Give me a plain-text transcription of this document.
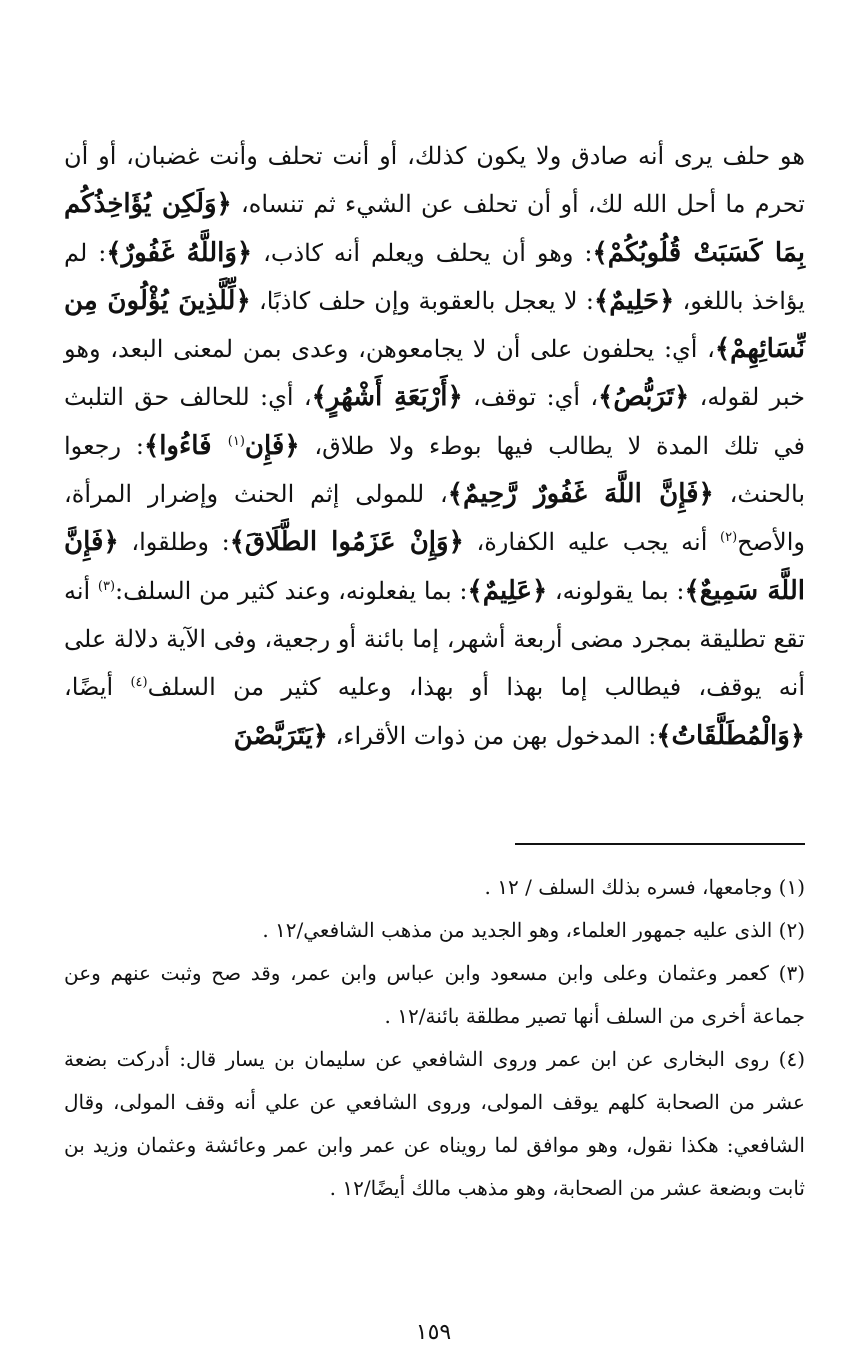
هو حلف يرى أنه صادق ولا يكون كذلك، أو أنت تحلف وأنت غضبان، أو أن تحرم ما أحل الله لك، أو أن تحلف عن الشيء ثم تنساه، ﴿وَلَكِن يُؤَاخِذُكُم بِمَا كَسَبَتْ قُلُوبُكُمْ﴾: وهو أن يحلف ويعلم أنه كاذب، ﴿وَاللَّهُ غَفُورٌ﴾: لم يؤاخذ باللغو، ﴿حَلِيمٌ﴾: لا يعجل بالعقوبة وإن حلف كاذبًا، ﴿لِّلَّذِينَ يُؤْلُونَ مِن نِّسَائِهِمْ﴾، أي: يحلفون على أن لا يجامعوهن، وعدى بمن لمعنى البعد، وهو خبر لقوله، ﴿تَرَبُّصُ﴾، أي: توقف، ﴿أَرْبَعَةِ أَشْهُرٍ﴾، أي: للحالف حق التلبث في تلك المدة لا يطالب فيها بوطء ولا طلاق، ﴿فَإِن$^{(١)}$ فَاءُوا﴾: رجعوا بالحنث، ﴿فَإِنَّ اللَّهَ غَفُورٌ رَّحِيمٌ﴾، للمولى إثم الحنث وإضرار المرأة، والأصح$^{(٢)}$ أنه يجب عليه الكفارة، ﴿وَإِنْ عَزَمُوا الطَّلَاقَ﴾: وطلقوا، ﴿فَإِنَّ اللَّهَ سَمِيعٌ﴾: بما يقولونه، ﴿عَلِيمٌ﴾: بما يفعلونه، وعند كثير من السلف:$^{(٣)}$ أنه تقع تطليقة بمجرد مضى أربعة أشهر، إما بائنة أو رجعية، وفى الآية دلالة على أنه يوقف، فيطالب إما بهذا أو بهذا، وعليه كثير من السلف$^{(٤)}$ أيضًا، ﴿وَالْمُطَلَّقَاتُ﴾: المدخول بهن من ذوات الأقراء، ﴿يَتَرَبَّصْنَ

(١) وجامعها، فسره بذلك السلف / ١٢ .
(٢) الذى عليه جمهور العلماء، وهو الجديد من مذهب الشافعي/١٢ .
(٣) كعمر وعثمان وعلى وابن مسعود وابن عباس وابن عمر، وقد صح وثبت عنهم وعن جماعة أخرى من السلف أنها تصير مطلقة بائنة/١٢ .
(٤) روى البخارى عن ابن عمر وروى الشافعي عن سليمان بن يسار قال: أدركت بضعة عشر من الصحابة كلهم يوقف المولى، وروى الشافعي عن علي أنه وقف المولى، وقال الشافعي: هكذا نقول، وهو موافق لما رويناه عن عمر وابن عمر وعائشة وعثمان وزيد بن ثابت وبضعة عشر من الصحابة، وهو مذهب مالك أيضًا/١٢ .
١٥٩
